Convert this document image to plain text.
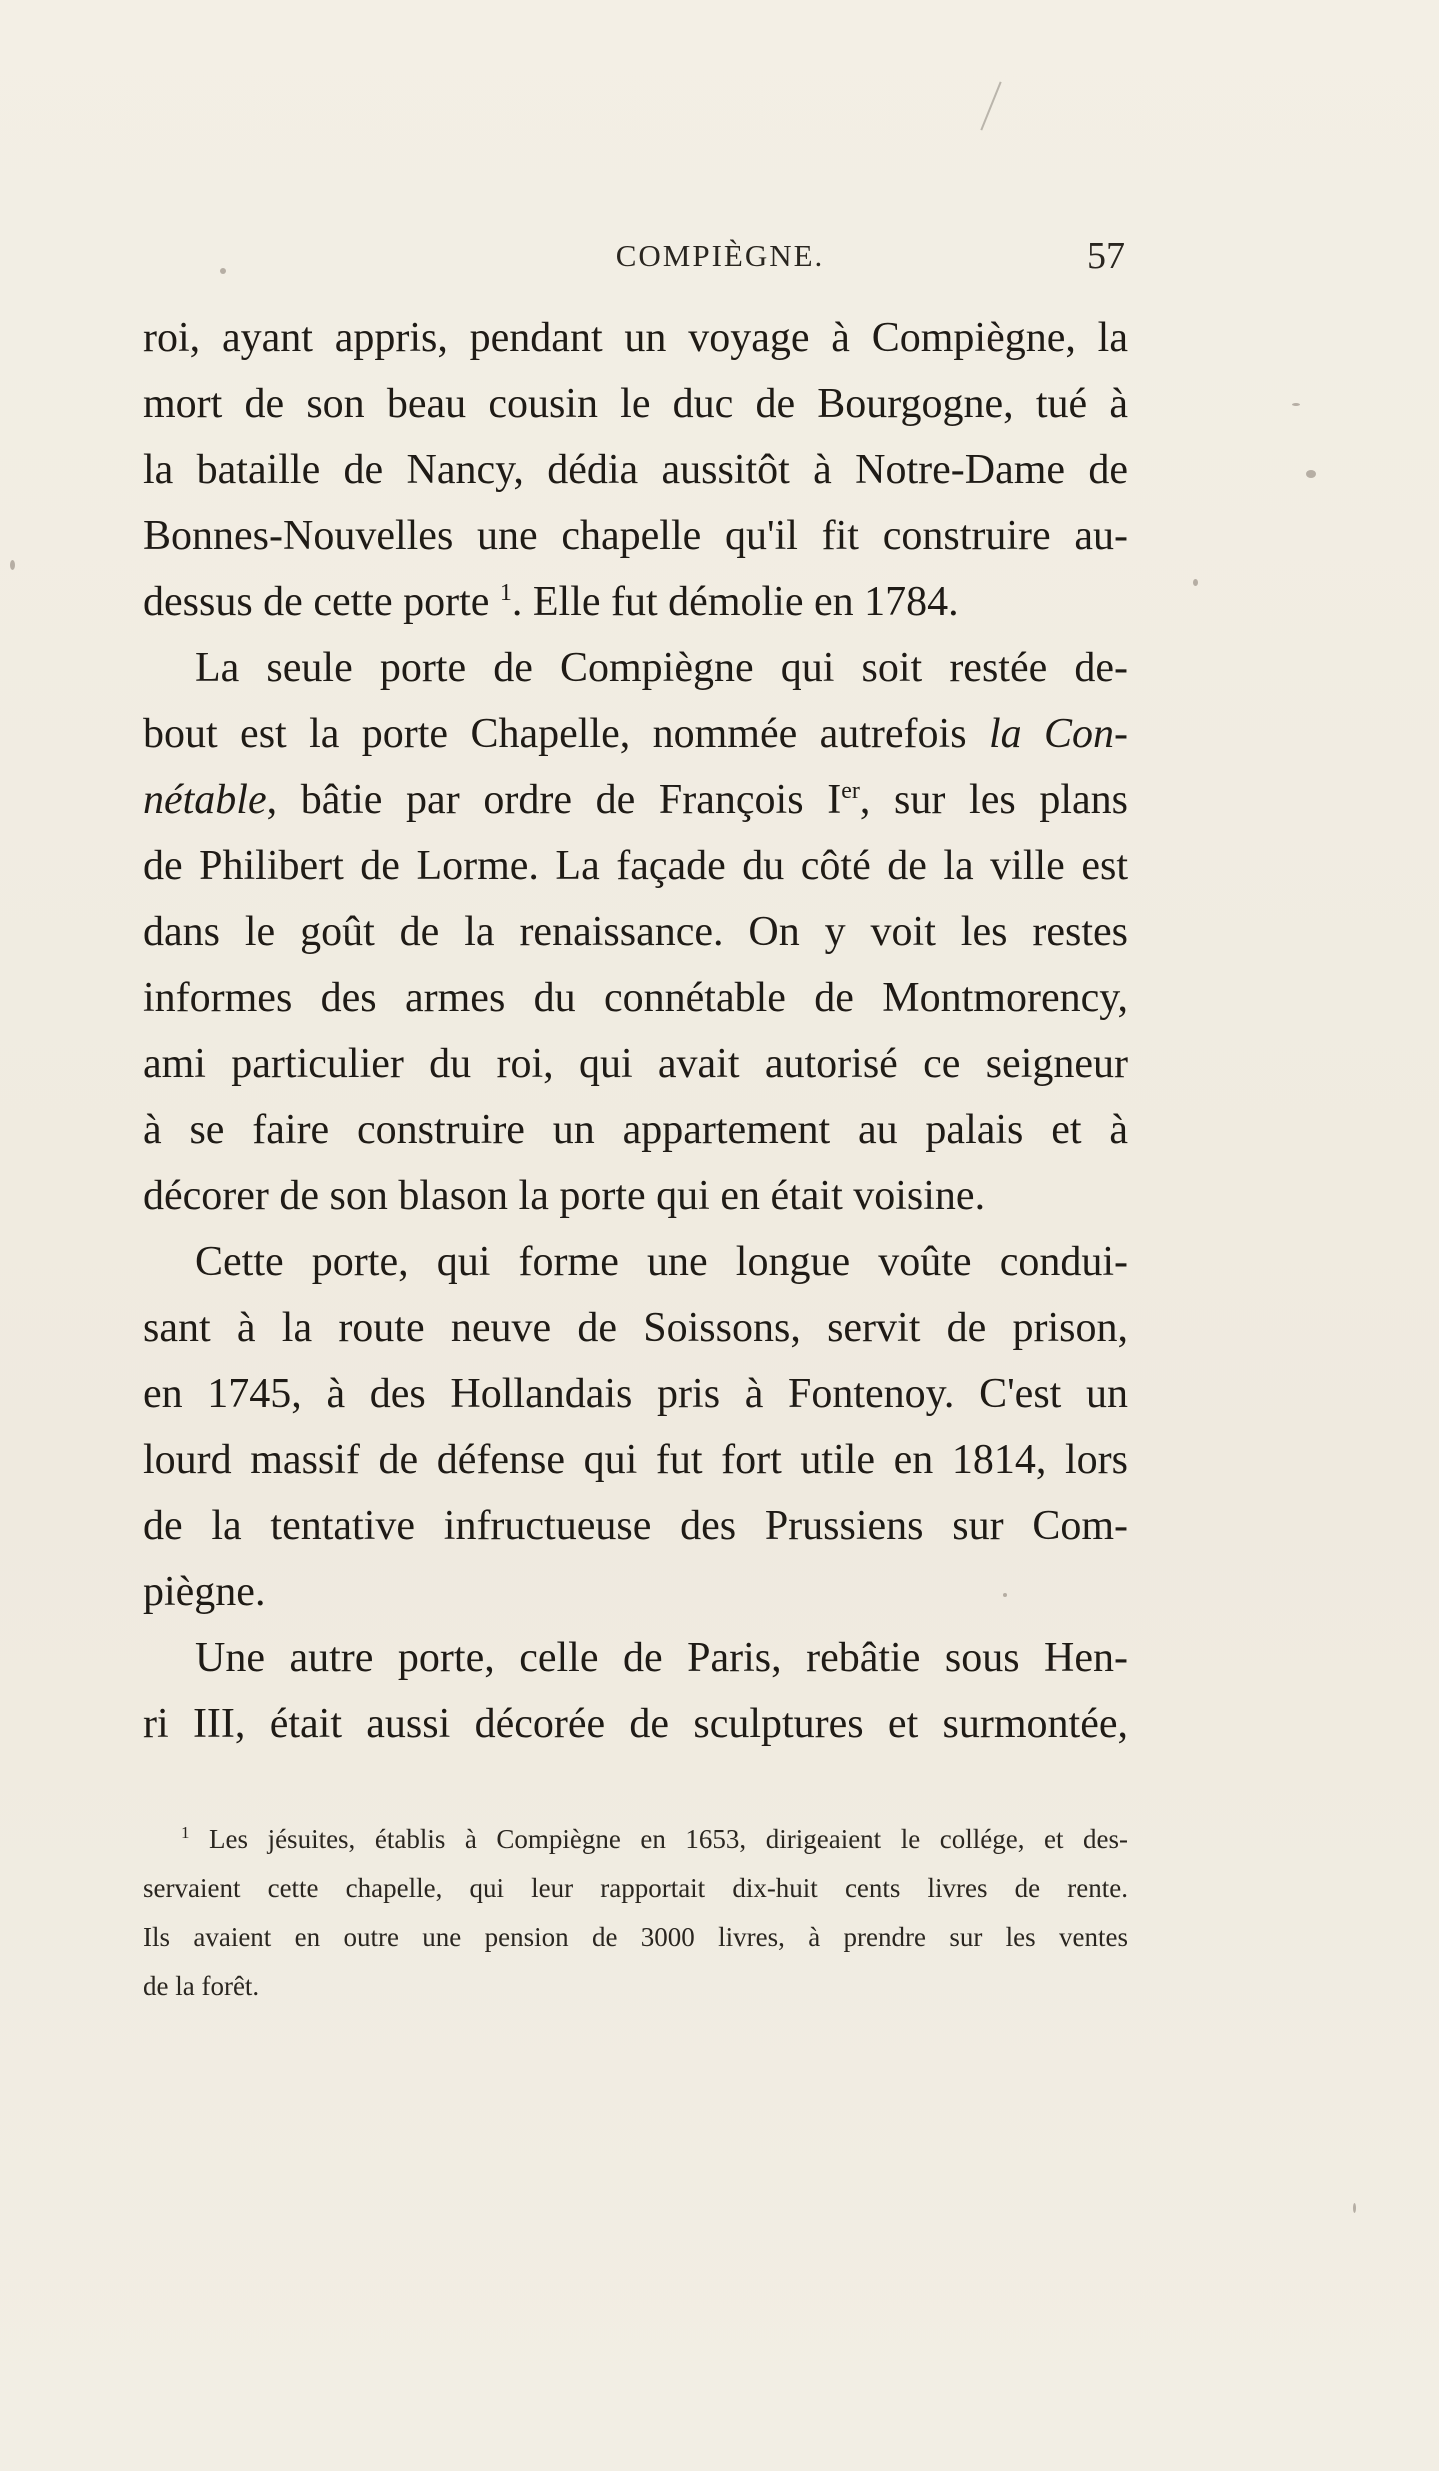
COMPIÈGNE.	57

roi, ayant appris, pendant un voyage à Compiègne, la
mort de son beau cousin le duc de Bourgogne, tué à
la bataille de Nancy, dédia aussitôt à Notre-Dame de
Bonnes-Nouvelles une chapelle qu'il fit construire au-
dessus de cette porte $^1$. Elle fut démolie en 1784.

La seule porte de Compiègne qui soit restée de-
bout est la porte Chapelle, nommée autrefois la Con-
nétable, bâtie par ordre de François Ier, sur les plans
de Philibert de Lorme. La façade du côté de la ville est
dans le goût de la renaissance. On y voit les restes
informes des armes du connétable de Montmorency,
ami particulier du roi, qui avait autorisé ce seigneur
à se faire construire un appartement au palais et à
décorer de son blason la porte qui en était voisine.

Cette porte, qui forme une longue voûte condui-
sant à la route neuve de Soissons, servit de prison,
en 1745, à des Hollandais pris à Fontenoy. C'est un
lourd massif de défense qui fut fort utile en 1814, lors
de la tentative infructueuse des Prussiens sur Com-
piègne.

Une autre porte, celle de Paris, rebâtie sous Hen-
ri III, était aussi décorée de sculptures et surmontée,

$^1$ Les jésuites, établis à Compiègne en 1653, dirigeaient le collége, et des-
servaient cette chapelle, qui leur rapportait dix-huit cents livres de rente.
Ils avaient en outre une pension de 3000 livres, à prendre sur les ventes
de la forêt.
